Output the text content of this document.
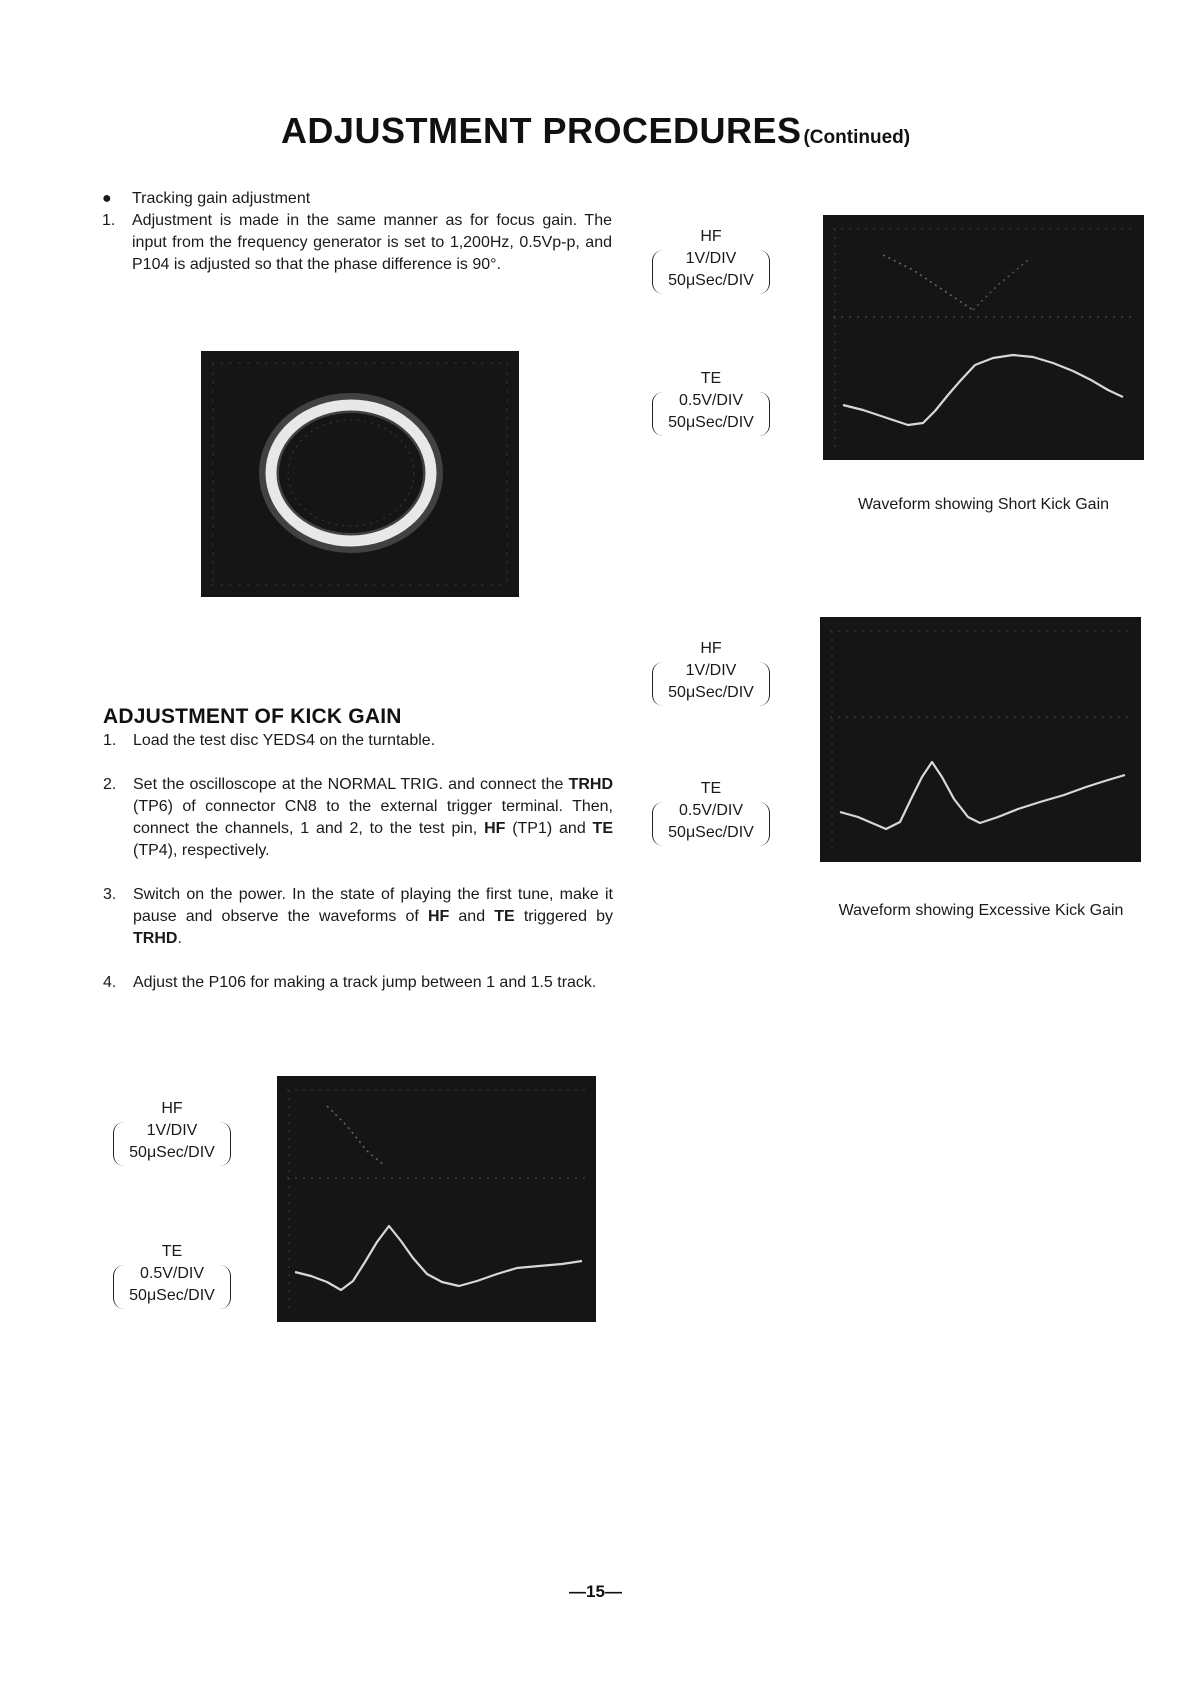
ADJUSTMENT PROCEDURES (Continued)
● Tracking gain adjustment
1.	Adjustment is made in the same manner as for focus gain. The input from the frequency generator is set to 1,200Hz, 0.5Vp-p, and P104 is adjusted so that the phase difference is 90°.
ADJUSTMENT OF KICK GAIN
1.	Load the test disc YEDS4 on the turntable.
2.	Set the oscilloscope at the NORMAL TRIG. and connect the TRHD (TP6) of connector CN8 to the external trigger terminal. Then, connect the channels, 1 and 2, to the test pin, HF (TP1) and TE (TP4), respectively.
3.	Switch on the power. In the state of playing the first tune, make it pause and observe the waveforms of HF and TE triggered by TRHD.
4.	Adjust the P106 for making a track jump between 1 and 1.5 track.
HF
1V/DIV
50μSec/DIV
TE
0.5V/DIV
50μSec/DIV
Waveform showing Short Kick Gain
HF
1V/DIV
50μSec/DIV
TE
0.5V/DIV
50μSec/DIV
Waveform showing Excessive Kick Gain
HF
1V/DIV
50μSec/DIV
TE
0.5V/DIV
50μSec/DIV
—15—
